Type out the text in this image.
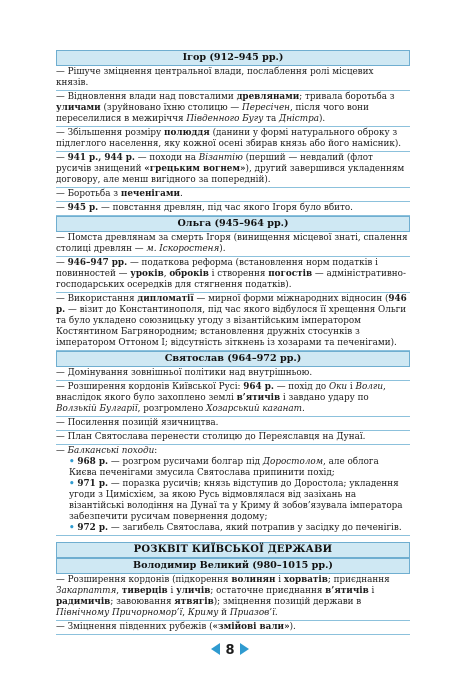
Ігор (912–945 рр.)
— Рішуче зміцнення центральної влади, послаблення ролі місцевих князів.
— Відновлення влади над повсталими древлянами; тривала боротьба з уличами (зруйновано їхню столицю — Пересічен, після чого вони переселилися в межиріччя Південного Бугу та Дністра).
— Збільшення розміру полюддя (данини у формі натурального оброку з підлеглого населення, яку кожної осені збирав князь або його намісник).
— 941 р., 944 р. — походи на Візантію (перший — невдалий (флот русичів знищений «грецьким вогнем»), другий завершився укладенням договору, але менш вигідного за попередній).
— Боротьба з печенігами.
— 945 р. — повстання древлян, під час якого Ігоря було вбито.
Ольга (945–964 рр.)
— Помста древлянам за смерть Ігоря (винищення місцевої знаті, спалення столиці древлян — м. Іскоростеня).
— 946–947 рр. — податкова реформа (встановлення норм податків і повинностей — уроків, оброків і створення погостів — адміністративно-господарських осередків для стягнення податків).
— Використання дипломатії — мирної форми міжнародних відносин (946 р. — візит до Константинополя, під час якого відбулося її хрещення Ольги та було укладено союзницьку угоду з візантійським імператором Костянтином Багрянородним; встановлення дружніх стосунків з імператором Оттоном І; відсутність зіткнень із хозарами та печенігами).
Святослав (964–972 рр.)
— Домінування зовнішньої політики над внутрішньою.
— Розширення кордонів Київської Русі: 964 р. — похід до Оки і Волги, внаслідок якого було захоплено землі в’ятичів і завдано удару по Волзькій Булгарії, розгромлено Хозарський каганат.
— Посилення позицій язичництва.
— План Святослава перенести столицю до Переяславця на Дунаї.
— Балканські походи:
• 968 р. — розгром русичами болгар під Доростолом, але облога Києва печенігами змусила Святослава припинити похід;
• 971 р. — поразка русичів; князь відступив до Доростола; укладення угоди з Цимісхієм, за якою Русь відмовлялася від зазіхань на візантійські володіння на Дунаї та у Криму й зобов’язувала імператора забезпечити русичам повернення додому;
• 972 р. — загибель Святослава, який потрапив у засідку до печенігів.
РОЗКВІТ КИЇВСЬКОЇ ДЕРЖАВИ
Володимир Великий (980–1015 рр.)
— Розширення кордонів (підкорення волинян і хорватів; приєднання Закарпаття, тиверців і уличів; остаточне приєднання в’ятичів і радимичів; завоювання ятвягів); зміцнення позицій держави в Північному Причорномор’ї, Криму й Приазов’ї.
— Зміцнення південних рубежів («змійові вали»).
8
